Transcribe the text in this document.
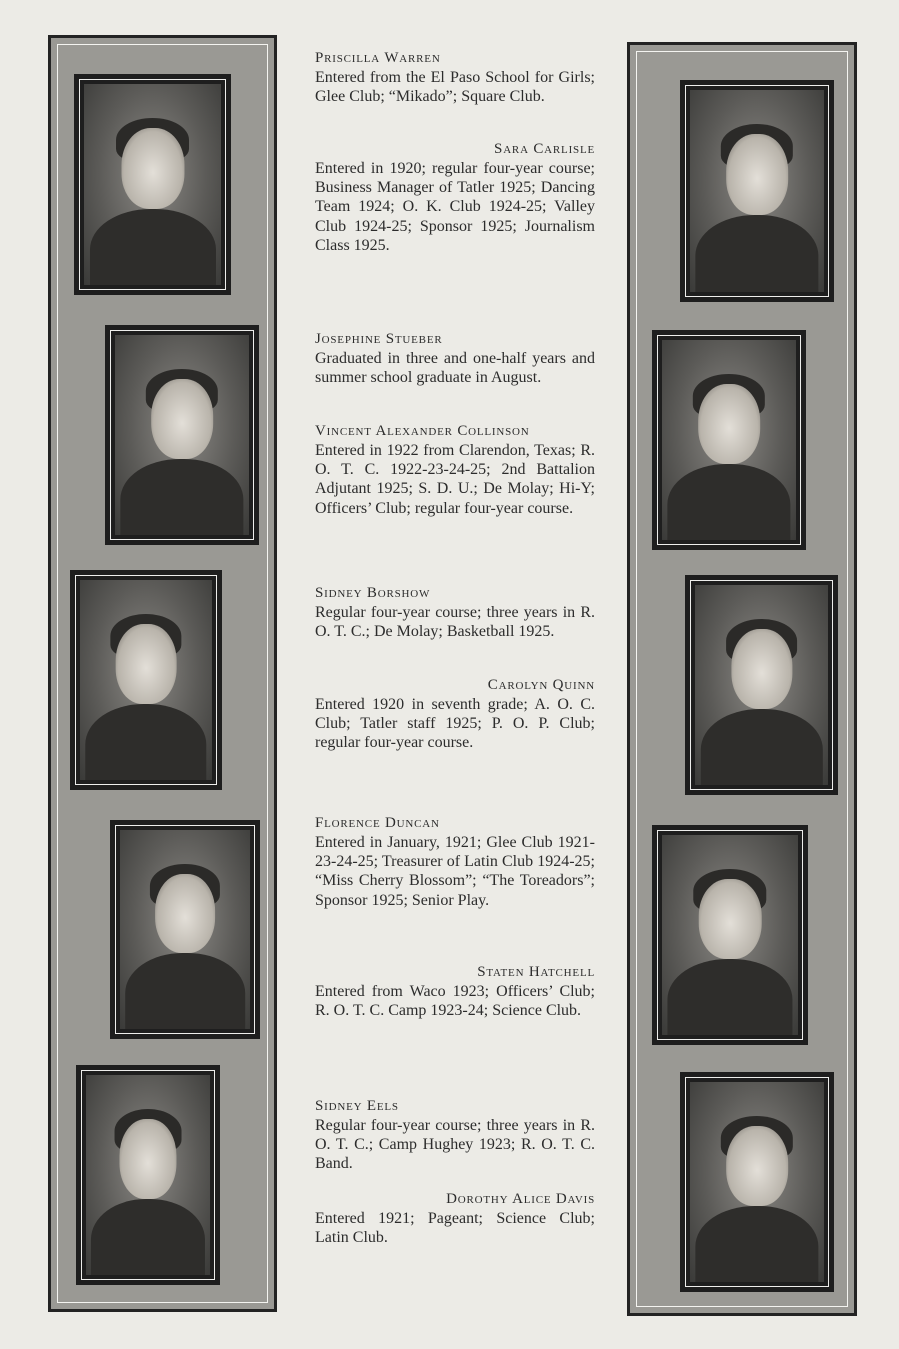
Priscilla Warren
Entered from the El Paso School for Girls; Glee Club; “Mikado”; Square Club.
Sara Carlisle
Entered in 1920; regular four-year course; Business Manager of Tatler 1925; Dancing Team 1924; O. K. Club 1924-25; Valley Club 1924-25; Sponsor 1925; Journalism Class 1925.
Josephine Stueber
Graduated in three and one-half years and summer school graduate in August.
Vincent Alexander Collinson
Entered in 1922 from Clarendon, Texas; R. O. T. C. 1922-23-24-25; 2nd Battalion Adjutant 1925; S. D. U.; De Molay; Hi-Y; Officers’ Club; regular four-year course.
Sidney Borshow
Regular four-year course; three years in R. O. T. C.; De Molay; Basketball 1925.
Carolyn Quinn
Entered 1920 in seventh grade; A. O. C. Club; Tatler staff 1925; P. O. P. Club; regular four-year course.
Florence Duncan
Entered in January, 1921; Glee Club 1921-23-24-25; Treasurer of Latin Club 1924-25; “Miss Cherry Blossom”; “The Toreadors”; Sponsor 1925; Senior Play.
Staten Hatchell
Entered from Waco 1923; Officers’ Club; R. O. T. C. Camp 1923-24; Science Club.
Sidney Eels
Regular four-year course; three years in R. O. T. C.; Camp Hughey 1923; R. O. T. C. Band.
Dorothy Alice Davis
Entered 1921; Pageant; Science Club; Latin Club.
